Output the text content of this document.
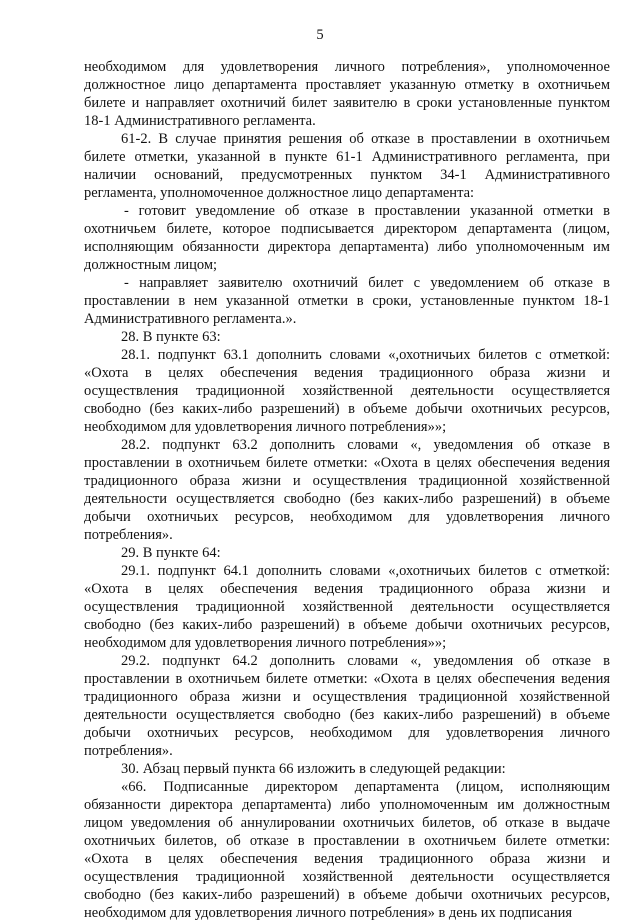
5

необходимом для удовлетворения личного потребления», уполномоченное
должностное лицо департамента проставляет указанную отметку в охотничьем
билете и направляет охотничий билет заявителю в сроки установленные пунктом
18-1 Административного регламента.

61-2. В случае принятия решения об отказе в проставлении в охотничьем
билете отметки, указанной в пункте 61-1 Административного регламента, при
наличии оснований, предусмотренных пунктом 34-1 Административного
регламента, уполномоченное должностное лицо департамента:

- готовит уведомление об отказе в проставлении указанной отметки в
охотничьем билете, которое подписывается директором департамента (лицом,
исполняющим обязанности директора департамента) либо уполномоченным им
должностным лицом;

- направляет заявителю охотничий билет с уведомлением об отказе в
проставлении в нем указанной отметки в сроки, установленные пунктом 18-1
Административного регламента.».

28. В пункте 63:

28.1. подпункт 63.1 дополнить словами «,охотничьих билетов с отметкой:
«Охота в целях обеспечения ведения традиционного образа жизни и
осуществления традиционной хозяйственной деятельности осуществляется
свободно (без каких-либо разрешений) в объеме добычи охотничьих ресурсов,
необходимом для удовлетворения личного потребления»»;

28.2. подпункт 63.2 дополнить словами «, уведомления об отказе в
проставлении в охотничьем билете отметки: «Охота в целях обеспечения ведения
традиционного образа жизни и осуществления традиционной хозяйственной
деятельности осуществляется свободно (без каких-либо разрешений) в объеме
добычи охотничьих ресурсов, необходимом для удовлетворения личного
потребления».

29. В пункте 64:

29.1. подпункт 64.1 дополнить словами «,охотничьих билетов с отметкой:
«Охота в целях обеспечения ведения традиционного образа жизни и
осуществления традиционной хозяйственной деятельности осуществляется
свободно (без каких-либо разрешений) в объеме добычи охотничьих ресурсов,
необходимом для удовлетворения личного потребления»»;

29.2. подпункт 64.2 дополнить словами «, уведомления об отказе в
проставлении в охотничьем билете отметки: «Охота в целях обеспечения ведения
традиционного образа жизни и осуществления традиционной хозяйственной
деятельности осуществляется свободно (без каких-либо разрешений) в объеме
добычи охотничьих ресурсов, необходимом для удовлетворения личного
потребления».

30. Абзац первый пункта 66 изложить в следующей редакции:

«66. Подписанные директором департамента (лицом, исполняющим
обязанности директора департамента) либо уполномоченным им должностным
лицом уведомления об аннулировании охотничьих билетов, об отказе в выдаче
охотничьих билетов, об отказе в проставлении в охотничьем билете отметки:
«Охота в целях обеспечения ведения традиционного образа жизни и
осуществления традиционной хозяйственной деятельности осуществляется
свободно (без каких-либо разрешений) в объеме добычи охотничьих ресурсов,
необходимом для удовлетворения личного потребления» в день их подписания
